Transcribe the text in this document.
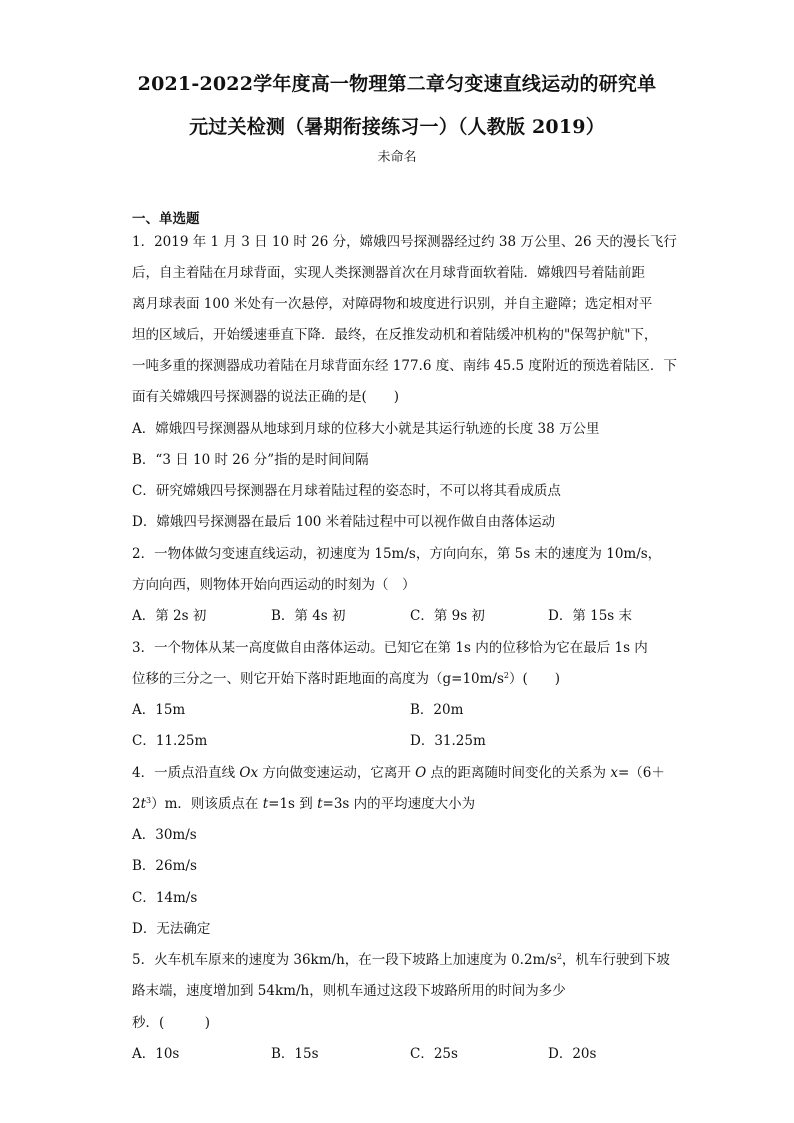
2021-2022学年度高一物理第二章匀变速直线运动的研究单
元过关检测（暑期衔接练习一）（人教版 2019）
未命名
一、单选题
1．2019 年 1 月 3 日 10 时 26 分，嫦娥四号探测器经过约 38 万公里、26 天的漫长飞行
后，自主着陆在月球背面，实现人类探测器首次在月球背面软着陆．嫦娥四号着陆前距
离月球表面 100 米处有一次悬停，对障碍物和坡度进行识别，并自主避障；选定相对平
坦的区域后，开始缓速垂直下降．最终，在反推发动机和着陆缓冲机构的"保驾护航"下，
一吨多重的探测器成功着陆在月球背面东经 177.6 度、南纬 45.5 度附近的预选着陆区．下
面有关嫦娥四号探测器的说法正确的是(　　)
A．嫦娥四号探测器从地球到月球的位移大小就是其运行轨迹的长度 38 万公里
B．“3 日 10 时 26 分”指的是时间间隔
C．研究嫦娥四号探测器在月球着陆过程的姿态时，不可以将其看成质点
D．嫦娥四号探测器在最后 100 米着陆过程中可以视作做自由落体运动
2．一物体做匀变速直线运动，初速度为 15m/s，方向向东，第 5s 末的速度为 10m/s，
方向向西，则物体开始向西运动的时刻为（　）
A．第 2s 初	B．第 4s 初	C．第 9s 初	D．第 15s 末
3．一个物体从某一高度做自由落体运动。已知它在第 1s 内的位移恰为它在最后 1s 内
位移的三分之一、则它开始下落时距地面的高度为$(g=10m/s^2)$(　　)
A．15m	B．20m
C．11.25m	D．31.25m
4．一质点沿直线 Ox 方向做变速运动，它离开 O 点的距离随时间变化的关系为 x=（6＋
$2t^3)m$．则该质点在 t=1s 到 t=3s 内的平均速度大小为
A．30m/s
B．26m/s
C．14m/s
D．无法确定
5．火车机车原来的速度为 36km/h，在一段下坡路上加速度为 $0.2m/s^2$，机车行驶到下坡
路末端，速度增加到 54km/h，则机车通过这段下坡路所用的时间为多少
秒．(　　　)
A．10s	B．15s	C．25s	D．20s
